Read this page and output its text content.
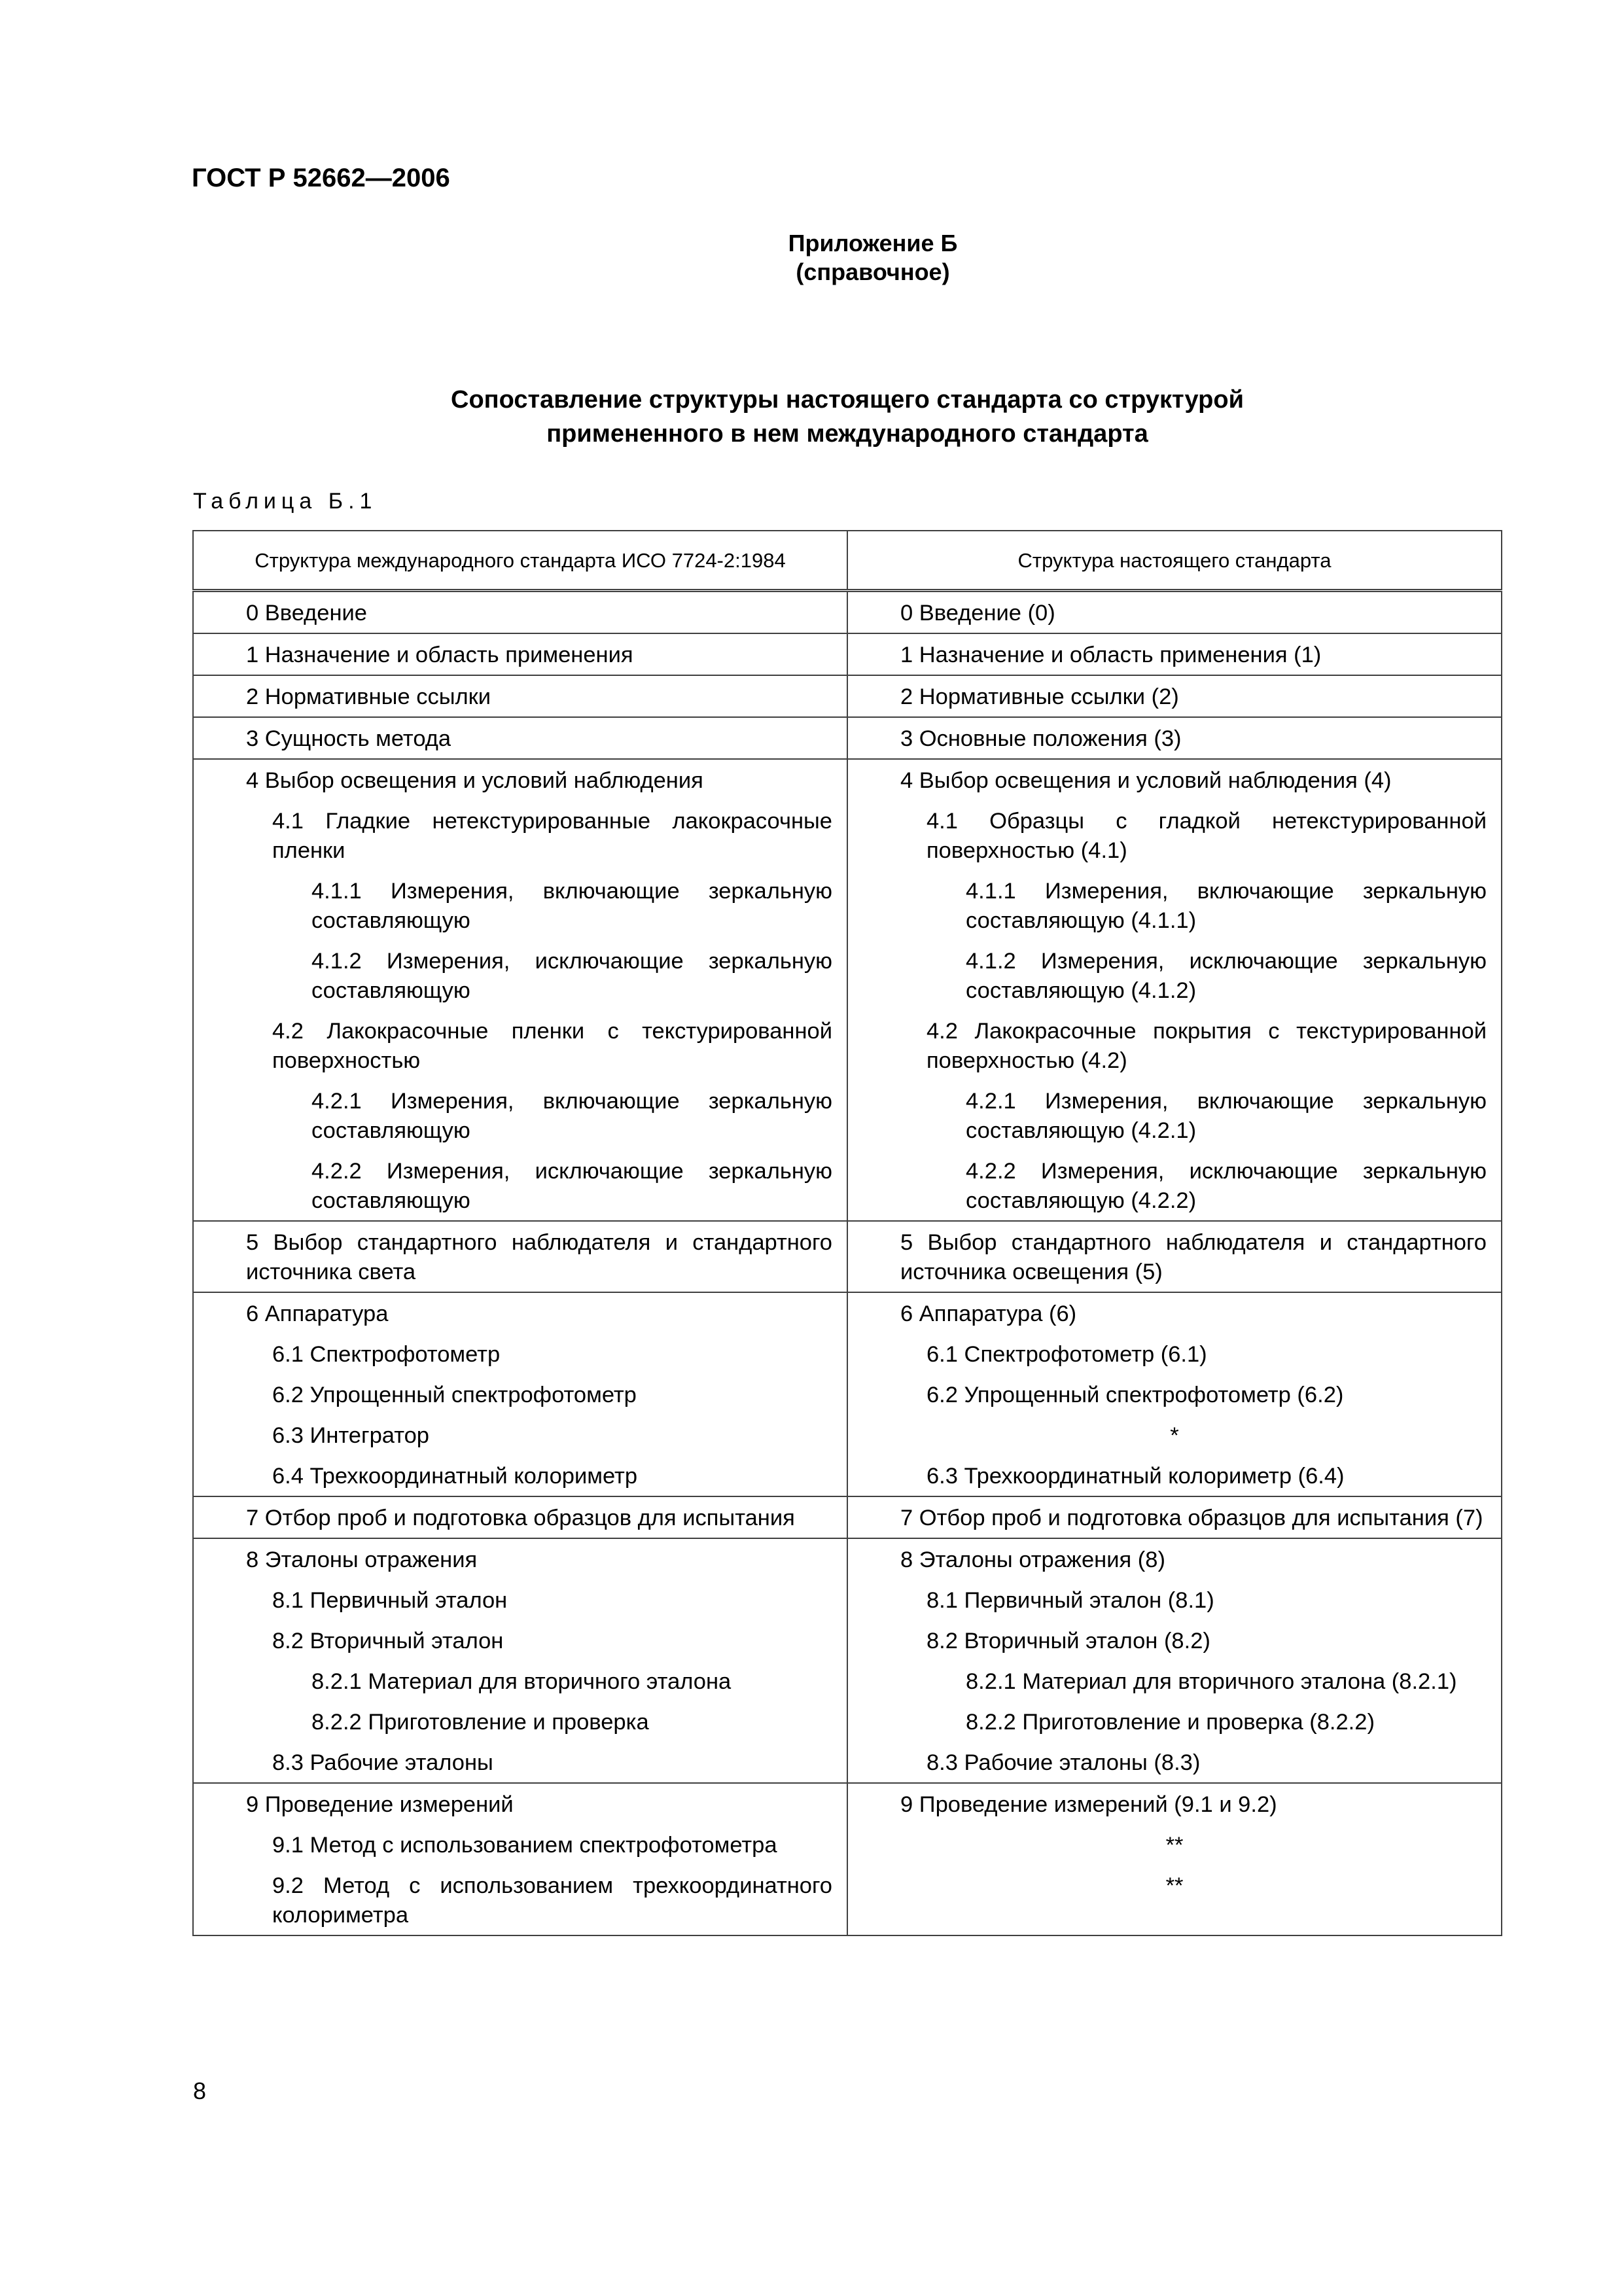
ГОСТ Р 52662—2006
Приложение Б
(справочное)
Сопоставление структуры настоящего стандарта со структурой
примененного в нем международного стандарта
Таблица Б.1
Структура международного стандарта ИСО 7724-2:1984	Структура настоящего стандарта

0 Введение	0 Введение (0)

1 Назначение и область применения	1 Назначение и область применения (1)

2 Нормативные ссылки	2 Нормативные ссылки (2)

3 Сущность метода	3 Основные положения (3)

4 Выбор освещения и условий наблюдения	4 Выбор освещения и условий наблюдения (4)

4.1 Гладкие нетекстурированные лакокрасочные пленки	4.1 Образцы с гладкой нетекстурированной поверхностью (4.1)

4.1.1 Измерения, включающие зеркальную составляющую	4.1.1 Измерения, включающие зеркальную составляющую (4.1.1)

4.1.2 Измерения, исключающие зеркальную составляющую	4.1.2 Измерения, исключающие зеркальную составляющую (4.1.2)

4.2 Лакокрасочные пленки с текстурированной поверхностью	4.2 Лакокрасочные покрытия с текстурированной поверхностью (4.2)

4.2.1 Измерения, включающие зеркальную составляющую	4.2.1 Измерения, включающие зеркальную составляющую (4.2.1)

4.2.2 Измерения, исключающие зеркальную составляющую	4.2.2 Измерения, исключающие зеркальную составляющую (4.2.2)

5 Выбор стандартного наблюдателя и стандартного источника света	5 Выбор стандартного наблюдателя и стандартного источника освещения (5)

6 Аппаратура	6 Аппаратура (6)

6.1 Спектрофотометр	6.1 Спектрофотометр (6.1)

6.2 Упрощенный спектрофотометр	6.2 Упрощенный спектрофотометр (6.2)

6.3 Интегратор	*

6.4 Трехкоординатный колориметр	6.3 Трехкоординатный колориметр (6.4)

7 Отбор проб и подготовка образцов для испытания	7 Отбор проб и подготовка образцов для испытания (7)

8 Эталоны отражения	8 Эталоны отражения (8)

8.1 Первичный эталон	8.1 Первичный эталон (8.1)

8.2 Вторичный эталон	8.2 Вторичный эталон (8.2)

8.2.1 Материал для вторичного эталона	8.2.1 Материал для вторичного эталона (8.2.1)

8.2.2 Приготовление и проверка	8.2.2 Приготовление и проверка (8.2.2)

8.3 Рабочие эталоны	8.3 Рабочие эталоны (8.3)

9 Проведение измерений	9 Проведение измерений (9.1 и 9.2)

9.1 Метод с использованием спектрофотометра	**

9.2 Метод с использованием трехкоординатного колориметра	**
8
